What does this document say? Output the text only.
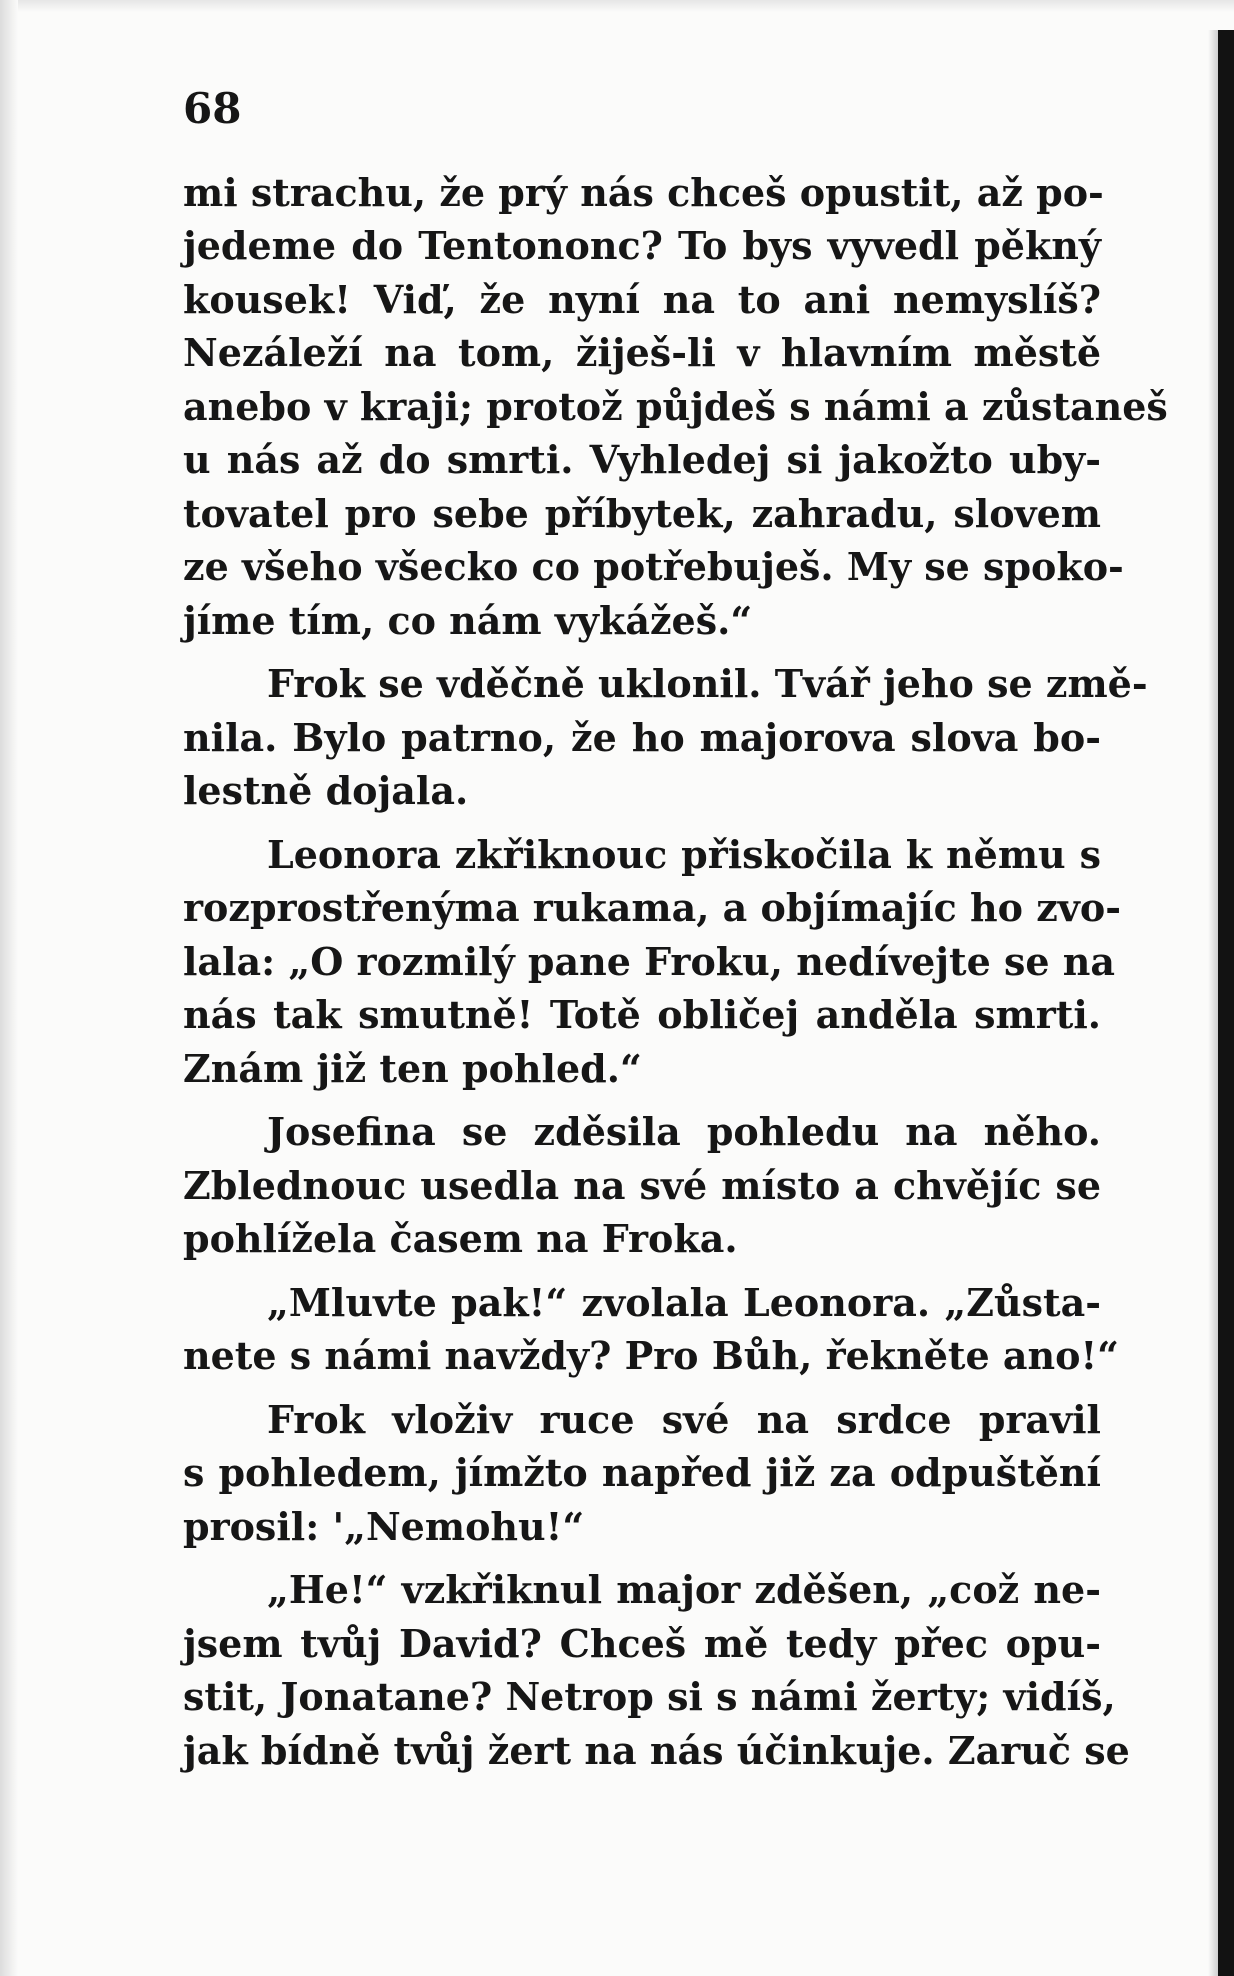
68

mi strachu, že prý nás chceš opustit, až po-
jedeme do Tentononc? To bys vyvedl pěkný
kousek! Viď, že nyní na to ani nemyslíš?
Nezáleží na tom, žiješ-li v hlavním městě
anebo v kraji; protož půjdeš s námi a zůstaneš
u nás až do smrti. Vyhledej si jakožto uby-
tovatel pro sebe příbytek, zahradu, slovem
ze všeho všecko co potřebuješ. My se spoko-
jíme tím, co nám vykážeš.“

Frok se vděčně uklonil. Tvář jeho se změ-
nila. Bylo patrno, že ho majorova slova bo-
lestně dojala.

Leonora zkřiknouc přiskočila k němu s
rozprostřenýma rukama, a objímajíc ho zvo-
lala: „O rozmilý pane Froku, nedívejte se na
nás tak smutně! Totě obličej anděla smrti.
Znám již ten pohled.“

Josefina se zděsila pohledu na něho.
Zblednouc usedla na své místo a chvějíc se
pohlížela časem na Froka.

„Mluvte pak!“ zvolala Leonora. „Zůsta-
nete s námi navždy? Pro Bůh, řekněte ano!“

Frok vloživ ruce své na srdce pravil
s pohledem, jímžto napřed již za odpuštění
prosil: '„Nemohu!“

„He!“ vzkřiknul major zděšen, „což ne-
jsem tvůj David? Chceš mě tedy přec opu-
stit, Jonatane? Netrop si s námi žerty; vidíš,
jak bídně tvůj žert na nás účinkuje. Zaruč se
